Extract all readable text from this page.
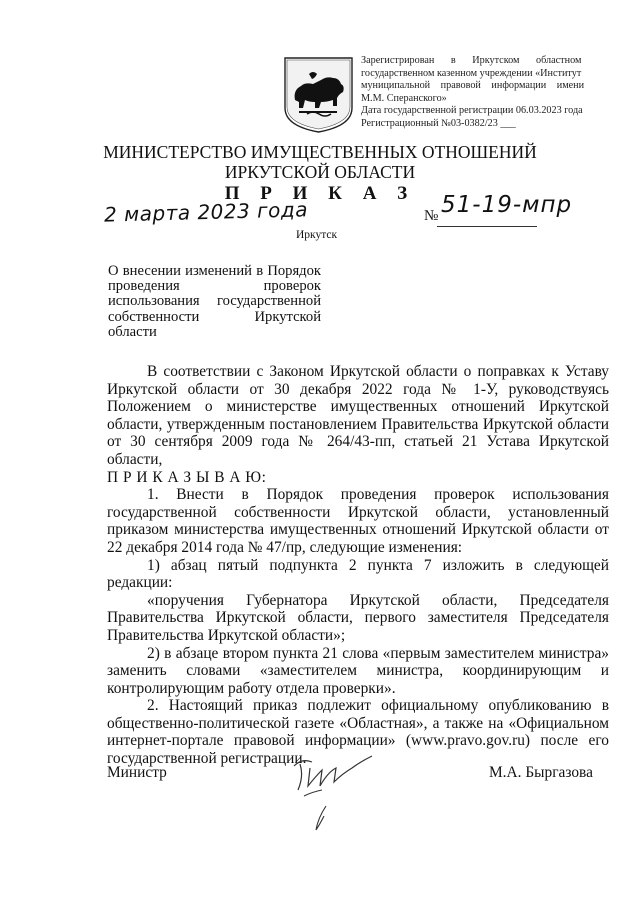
Зарегистрирован в Иркутском областном
государственном казенном учреждении «Институт
муниципальной правовой информации имени
М.М. Сперанского»
Дата государственной регистрации 06.03.2023 года
Регистрационный №03-0382/23 ___
МИНИСТЕРСТВО ИМУЩЕСТВЕННЫХ ОТНОШЕНИЙ
ИРКУТСКОЙ ОБЛАСТИ
П Р И К А З
2 марта 2023 года	№ 51-19-мпр
Иркутск
О внесении изменений в Порядок проведения проверок использования государственной собственности Иркутской области

В соответствии с Законом Иркутской области о поправках к Уставу Иркутской области от 30 декабря 2022 года № 1-У, руководствуясь Положением о министерстве имущественных отношений Иркутской области, утвержденным постановлением Правительства Иркутской области от 30 сентября 2009 года № 264/43-пп, статьей 21 Устава Иркутской области,

П Р И К А З Ы В А Ю:

1. Внести в Порядок проведения проверок использования государственной собственности Иркутской области, установленный приказом министерства имущественных отношений Иркутской области от 22 декабря 2014 года № 47/пр, следующие изменения:

1) абзац пятый подпункта 2 пункта 7 изложить в следующей редакции:

«поручения Губернатора Иркутской области, Председателя Правительства Иркутской области, первого заместителя Председателя Правительства Иркутской области»;

2) в абзаце втором пункта 21 слова «первым заместителем министра» заменить словами «заместителем министра, координирующим и контролирующим работу отдела проверки».

2. Настоящий приказ подлежит официальному опубликованию в общественно-политической газете «Областная», а также на «Официальном интернет-портале правовой информации» (www.pravo.gov.ru) после его государственной регистрации.

Министр	М.А. Быргазова
